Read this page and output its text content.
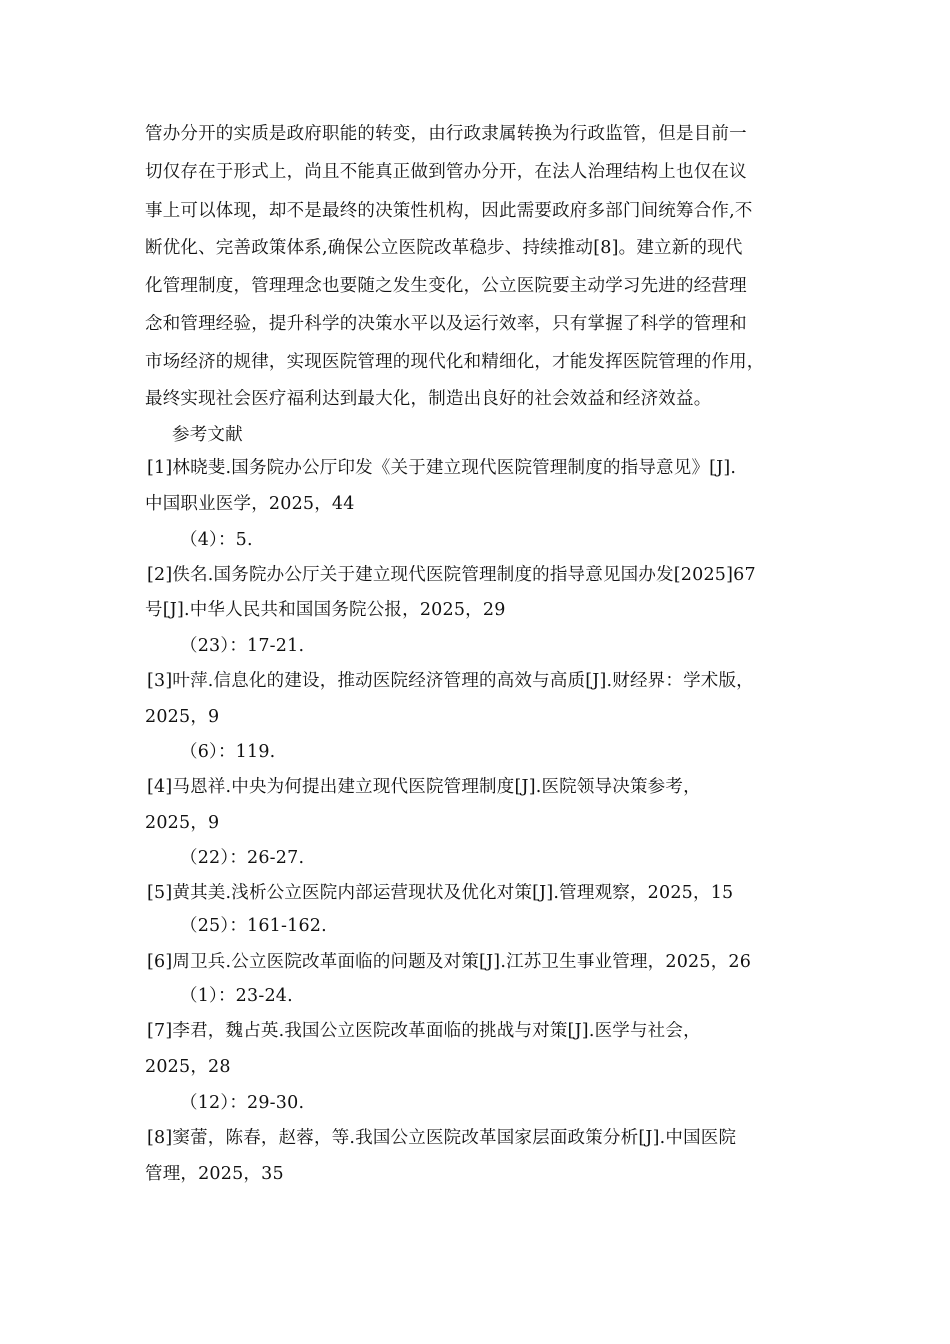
管办分开的实质是政府职能的转变，由行政隶属转换为行政监管，但是目前一
切仅存在于形式上，尚且不能真正做到管办分开，在法人治理结构上也仅在议
事上可以体现，却不是最终的决策性机构，因此需要政府多部门间统筹合作,不
断优化、完善政策体系,确保公立医院改革稳步、持续推动[8]。建立新的现代
化管理制度，管理理念也要随之发生变化，公立医院要主动学习先进的经营理
念和管理经验，提升科学的决策水平以及运行效率，只有掌握了科学的管理和
市场经济的规律，实现医院管理的现代化和精细化，才能发挥医院管理的作用，
最终实现社会医疗福利达到最大化，制造出良好的社会效益和经济效益。
参考文献
[1]林晓斐.国务院办公厅印发《关于建立现代医院管理制度的指导意见》[J].
中国职业医学，2025，44
（4）：5.
[2]佚名.国务院办公厅关于建立现代医院管理制度的指导意见国办发[2025]67
号[J].中华人民共和国国务院公报，2025，29
（23）：17-21.
[3]叶萍.信息化的建设，推动医院经济管理的高效与高质[J].财经界：学术版，
2025，9
（6）：119.
[4]马恩祥.中央为何提出建立现代医院管理制度[J].医院领导决策参考，
2025，9
（22）：26-27.
[5]黄其美.浅析公立医院内部运营现状及优化对策[J].管理观察，2025，15
（25）：161-162.
[6]周卫兵.公立医院改革面临的问题及对策[J].江苏卫生事业管理，2025，26
（1）：23-24.
[7]李君，魏占英.我国公立医院改革面临的挑战与对策[J].医学与社会，
2025，28
（12）：29-30.
[8]窦蕾，陈春，赵蓉，等.我国公立医院改革国家层面政策分析[J].中国医院
管理，2025，35
